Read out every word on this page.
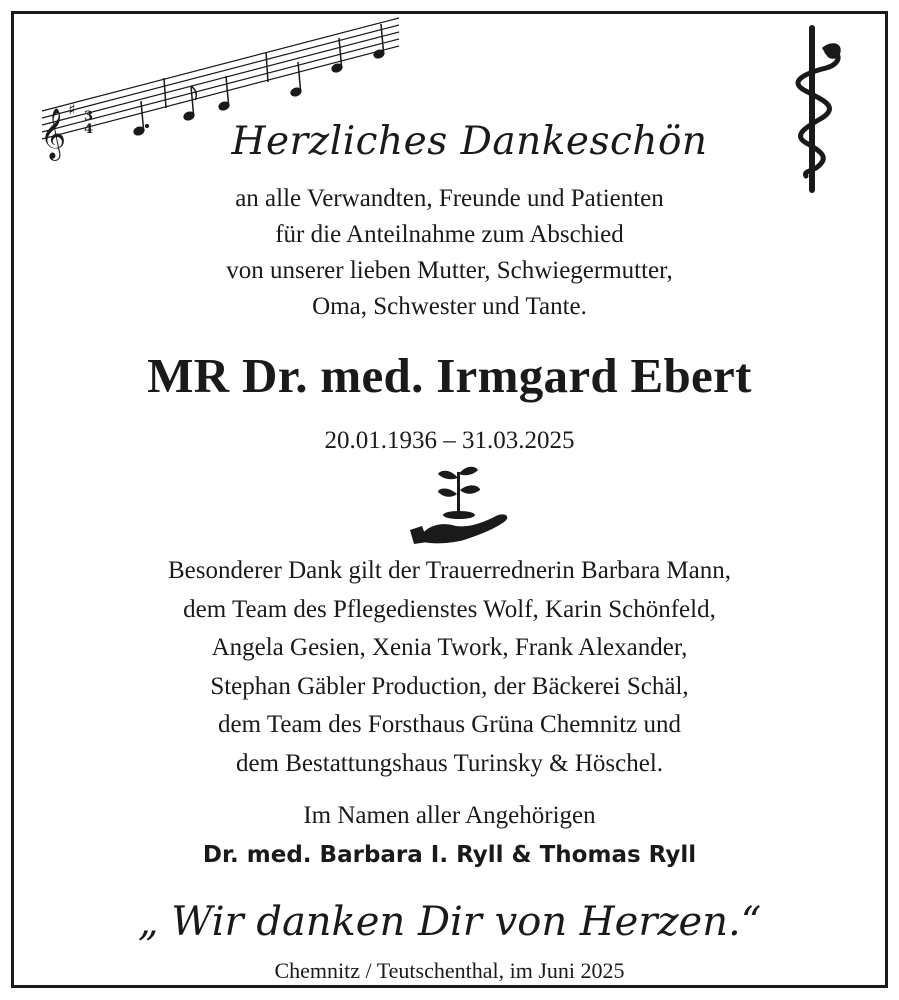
𝄞 ♯ 3
4	Herzliches Dankeschön
an alle Verwandten, Freunde und Patienten
für die Anteilnahme zum Abschied
von unserer lieben Mutter, Schwiegermutter,
Oma, Schwester und Tante.
MR Dr. med. Irmgard Ebert
20.01.1936 – 31.03.2025
Besonderer Dank gilt der Trauerrednerin Barbara Mann,
dem Team des Pflegedienstes Wolf, Karin Schönfeld,
Angela Gesien, Xenia Twork, Frank Alexander,
Stephan Gäbler Production, der Bäckerei Schäl,
dem Team des Forsthaus Grüna Chemnitz und
dem Bestattungshaus Turinsky & Höschel.
Im Namen aller Angehörigen
Dr. med. Barbara I. Ryll & Thomas Ryll
„ Wir danken Dir von Herzen.“
Chemnitz / Teutschenthal, im Juni 2025
